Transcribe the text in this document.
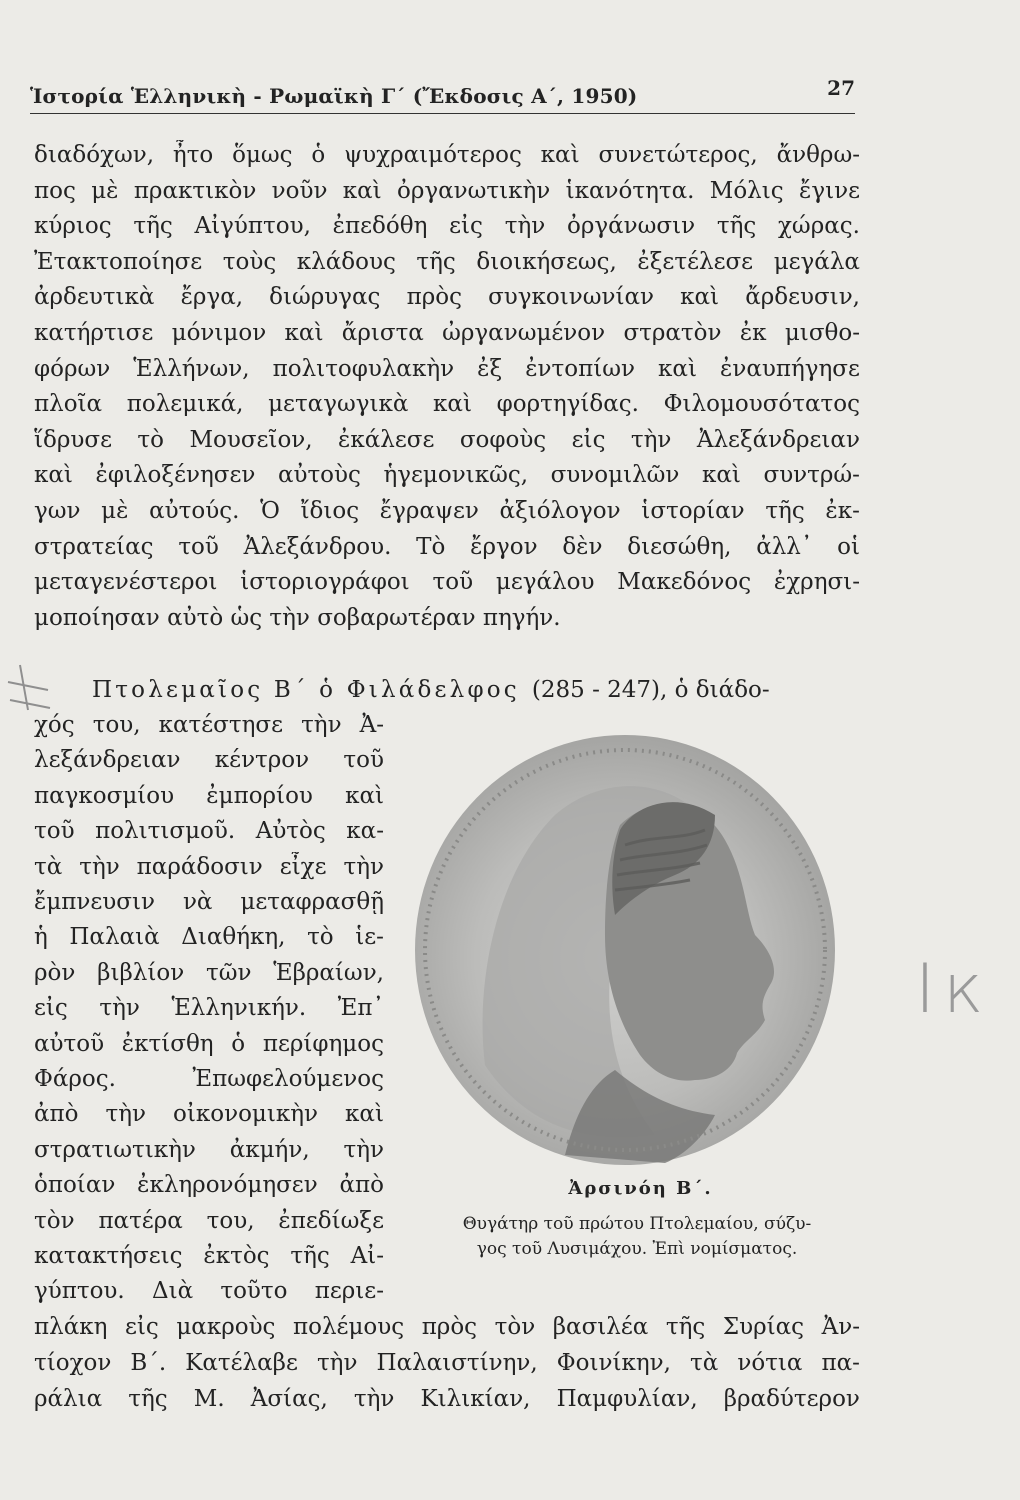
Ἱστορία Ἑλληνικὴ - Ρωμαϊκὴ Γ΄ (Ἔκδοσις Α΄, 1950)	27
διαδόχων, ἦτο ὅμως ὁ ψυχραιμότερος καὶ συνετώτερος, ἄνθρω-
πος μὲ πρακτικὸν νοῦν καὶ ὀργανωτικὴν ἱκανότητα. Μόλις ἔγινε
κύριος τῆς Αἰγύπτου, ἐπεδόθη εἰς τὴν ὀργάνωσιν τῆς χώρας.
Ἐτακτοποίησε τοὺς κλάδους τῆς διοικήσεως, ἐξετέλεσε μεγάλα
ἀρδευτικὰ ἔργα, διώρυγας πρὸς συγκοινωνίαν καὶ ἄρδευσιν,
κατήρτισε μόνιμον καὶ ἄριστα ὠργανωμένον στρατὸν ἐκ μισθο-
φόρων Ἑλλήνων, πολιτοφυλακὴν ἐξ ἐντοπίων καὶ ἐναυπήγησε
πλοῖα πολεμικά, μεταγωγικὰ καὶ φορτηγίδας. Φιλομουσότατος
ἵδρυσε τὸ Μουσεῖον, ἐκάλεσε σοφοὺς εἰς τὴν Ἀλεξάνδρειαν
καὶ ἐφιλοξένησεν αὐτοὺς ἡγεμονικῶς, συνομιλῶν καὶ συντρώ-
γων μὲ αὐτούς. Ὁ ἴδιος ἔγραψεν ἀξιόλογον ἱστορίαν τῆς ἐκ-
στρατείας τοῦ Ἀλεξάνδρου. Τὸ ἔργον δὲν διεσώθη, ἀλλ᾽ οἱ
μεταγενέστεροι ἱστοριογράφοι τοῦ μεγάλου Μακεδόνος ἐχρησι-
μοποίησαν αὐτὸ ὡς τὴν σοβαρωτέραν πηγήν.
Πτολεμαῖος Β΄ ὁ Φιλάδελφος (285 - 247), ὁ διάδο-
χός του, κατέστησε τὴν Ἀ-
λεξάνδρειαν κέντρον τοῦ
παγκοσμίου ἐμπορίου καὶ
τοῦ πολιτισμοῦ. Αὐτὸς κα-
τὰ τὴν παράδοσιν εἶχε τὴν
ἔμπνευσιν νὰ μεταφρασθῇ
ἡ Παλαιὰ Διαθήκη, τὸ ἱε-
ρὸν βιβλίον τῶν Ἑβραίων,
εἰς τὴν Ἑλληνικήν. Ἐπ᾽
αὐτοῦ ἐκτίσθη ὁ περίφημος
Φάρος.	Ἐπωφελούμενος
ἀπὸ τὴν οἰκονομικὴν καὶ
στρατιωτικὴν ἀκμήν, τὴν
ὁποίαν ἐκληρονόμησεν ἀπὸ
τὸν πατέρα του, ἐπεδίωξε
κατακτήσεις ἐκτὸς τῆς Αἰ-
γύπτου. Διὰ τοῦτο περιε-
πλάκη εἰς μακροὺς πολέμους πρὸς τὸν βασιλέα τῆς Συρίας Ἀν-
τίοχον Β΄. Κατέλαβε τὴν Παλαιστίνην, Φοινίκην, τὰ νότια πα-
ράλια τῆς Μ. Ἀσίας, τὴν Κιλικίαν, Παμφυλίαν, βραδύτερον
Ἀρσινόη Β΄.
Θυγάτηρ τοῦ πρώτου Πτολεμαίου, σύζυ-
γος τοῦ Λυσιμάχου. Ἐπὶ νομίσματος.
Ικ
